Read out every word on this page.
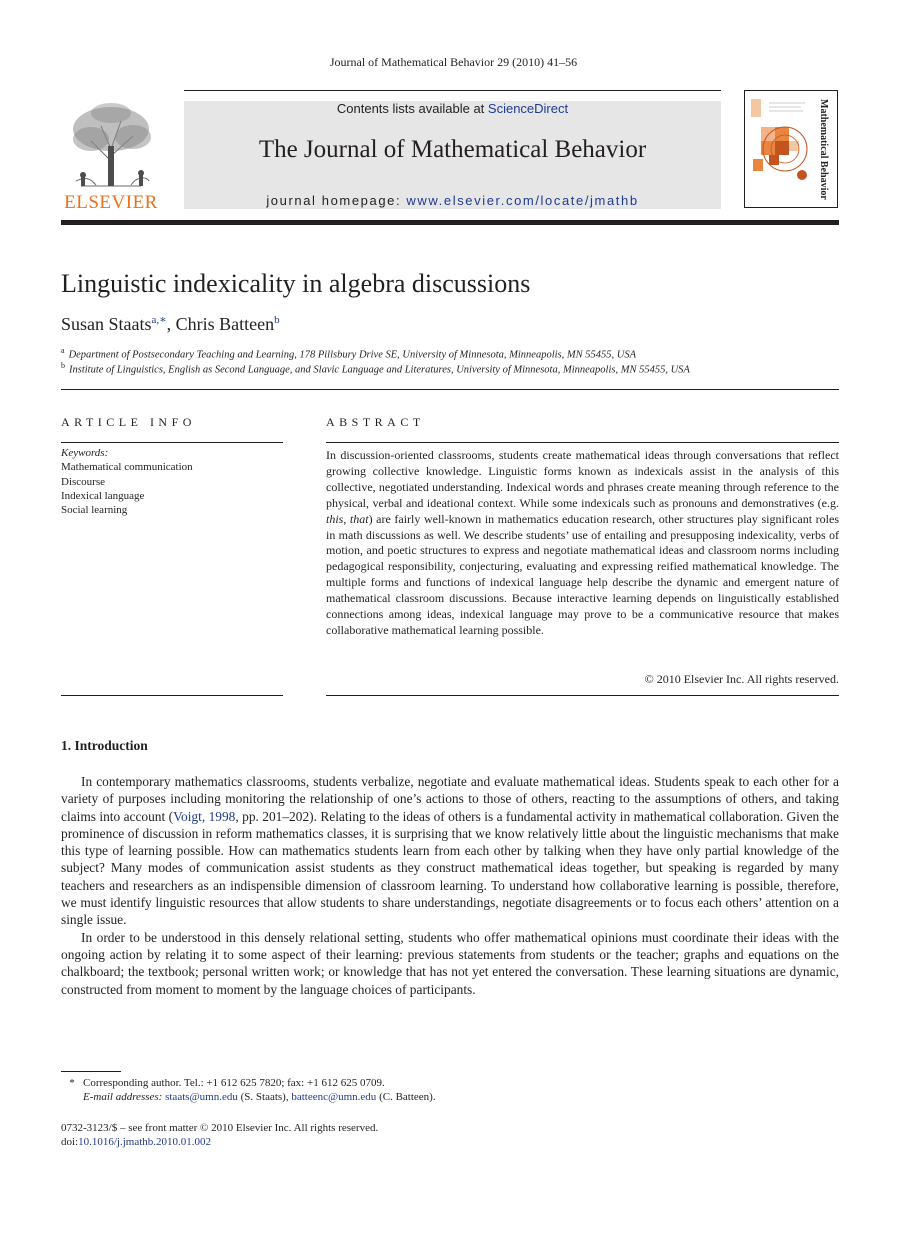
Journal of Mathematical Behavior 29 (2010) 41–56
ELSEVIER
Contents lists available at ScienceDirect
The Journal of Mathematical Behavior
journal homepage: www.elsevier.com/locate/jmathb
Mathematical Behavior
Linguistic indexicality in algebra discussions
Susan Staats$^{a,∗}$, Chris Batteen$^b$
$^a$ Department of Postsecondary Teaching and Learning, 178 Pillsbury Drive SE, University of Minnesota, Minneapolis, MN 55455, USA
$^b$ Institute of Linguistics, English as Second Language, and Slavic Language and Literatures, University of Minnesota, Minneapolis, MN 55455, USA
ARTICLE INFO
Keywords:
Mathematical communication
Discourse
Indexical language
Social learning
ABSTRACT

In discussion-oriented classrooms, students create mathematical ideas through conversations that reflect growing collective knowledge. Linguistic forms known as indexicals assist in the analysis of this collective, negotiated understanding. Indexical words and phrases create meaning through reference to the physical, verbal and ideational context. While some indexicals such as pronouns and demonstratives (e.g. this, that) are fairly well-known in mathematics education research, other structures play significant roles in math discussions as well. We describe students’ use of entailing and presupposing indexicality, verbs of motion, and poetic structures to express and negotiate mathematical ideas and classroom norms including pedagogical responsibility, conjecturing, evaluating and expressing reified mathematical knowledge. The multiple forms and functions of indexical language help describe the dynamic and emergent nature of mathematical classroom discussions. Because interactive learning depends on linguistically established connections among ideas, indexical language may prove to be a communicative resource that makes collaborative mathematical learning possible.

© 2010 Elsevier Inc. All rights reserved.
1. Introduction

In contemporary mathematics classrooms, students verbalize, negotiate and evaluate mathematical ideas. Students speak to each other for a variety of purposes including monitoring the relationship of one’s actions to those of others, reacting to the assumptions of others, and taking claims into account (Voigt, 1998, pp. 201–202). Relating to the ideas of others is a fundamental activity in mathematical collaboration. Given the prominence of discussion in reform mathematics classes, it is surprising that we know relatively little about the linguistic mechanisms that make this type of learning possible. How can mathematics students learn from each other by talking when they have only partial knowledge of the subject? Many modes of communication assist students as they construct mathematical ideas together, but speaking is regarded by many teachers and researchers as an indispensible dimension of classroom learning. To understand how collaborative learning is possible, therefore, we must identify linguistic resources that allow students to share understandings, negotiate disagreements or to focus each others’ attention on a single issue.

In order to be understood in this densely relational setting, students who offer mathematical opinions must coordinate their ideas with the ongoing action by relating it to some aspect of their learning: previous statements from students or the teacher; graphs and equations on the chalkboard; the textbook; personal written work; or knowledge that has not yet entered the conversation. These learning situations are dynamic, constructed from moment to moment by the language choices of participants.

* Corresponding author. Tel.: +1 612 625 7820; fax: +1 612 625 0709.
E-mail addresses: staats@umn.edu (S. Staats), batteenc@umn.edu (C. Batteen).
0732-3123/$ – see front matter © 2010 Elsevier Inc. All rights reserved.
doi:10.1016/j.jmathb.2010.01.002
